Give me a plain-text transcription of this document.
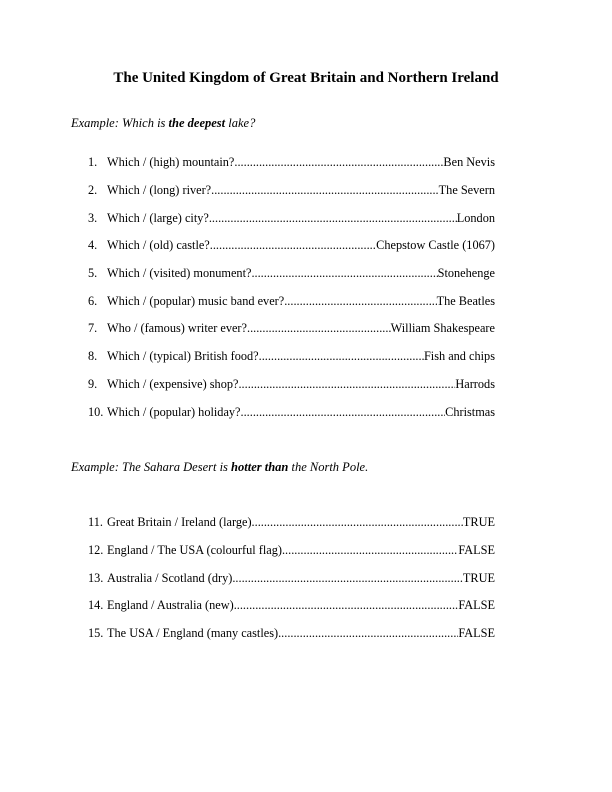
The United Kingdom of Great Britain and Northern Ireland
Example: Which is the deepest lake?
1. Which / (high) mountain? .....	Ben Nevis
2. Which / (long) river? .....	The Severn
3. Which / (large) city? .....	London
4. Which / (old) castle? .....	Chepstow Castle (1067)
5. Which / (visited) monument? .....	Stonehenge
6. Which / (popular) music band ever? .....	The Beatles
7. Who / (famous) writer ever? .....	William Shakespeare
8. Which / (typical) British food? .....	Fish and chips
9. Which / (expensive) shop? .....	Harrods
10. Which / (popular) holiday? .....	Christmas
Example: The Sahara Desert is hotter than the North Pole.
11. Great Britain / Ireland (large) .....	TRUE
12. England / The USA (colourful flag) .....	FALSE
13. Australia / Scotland (dry) .....	TRUE
14. England / Australia (new) .....	FALSE
15. The USA / England (many castles) .....	FALSE
